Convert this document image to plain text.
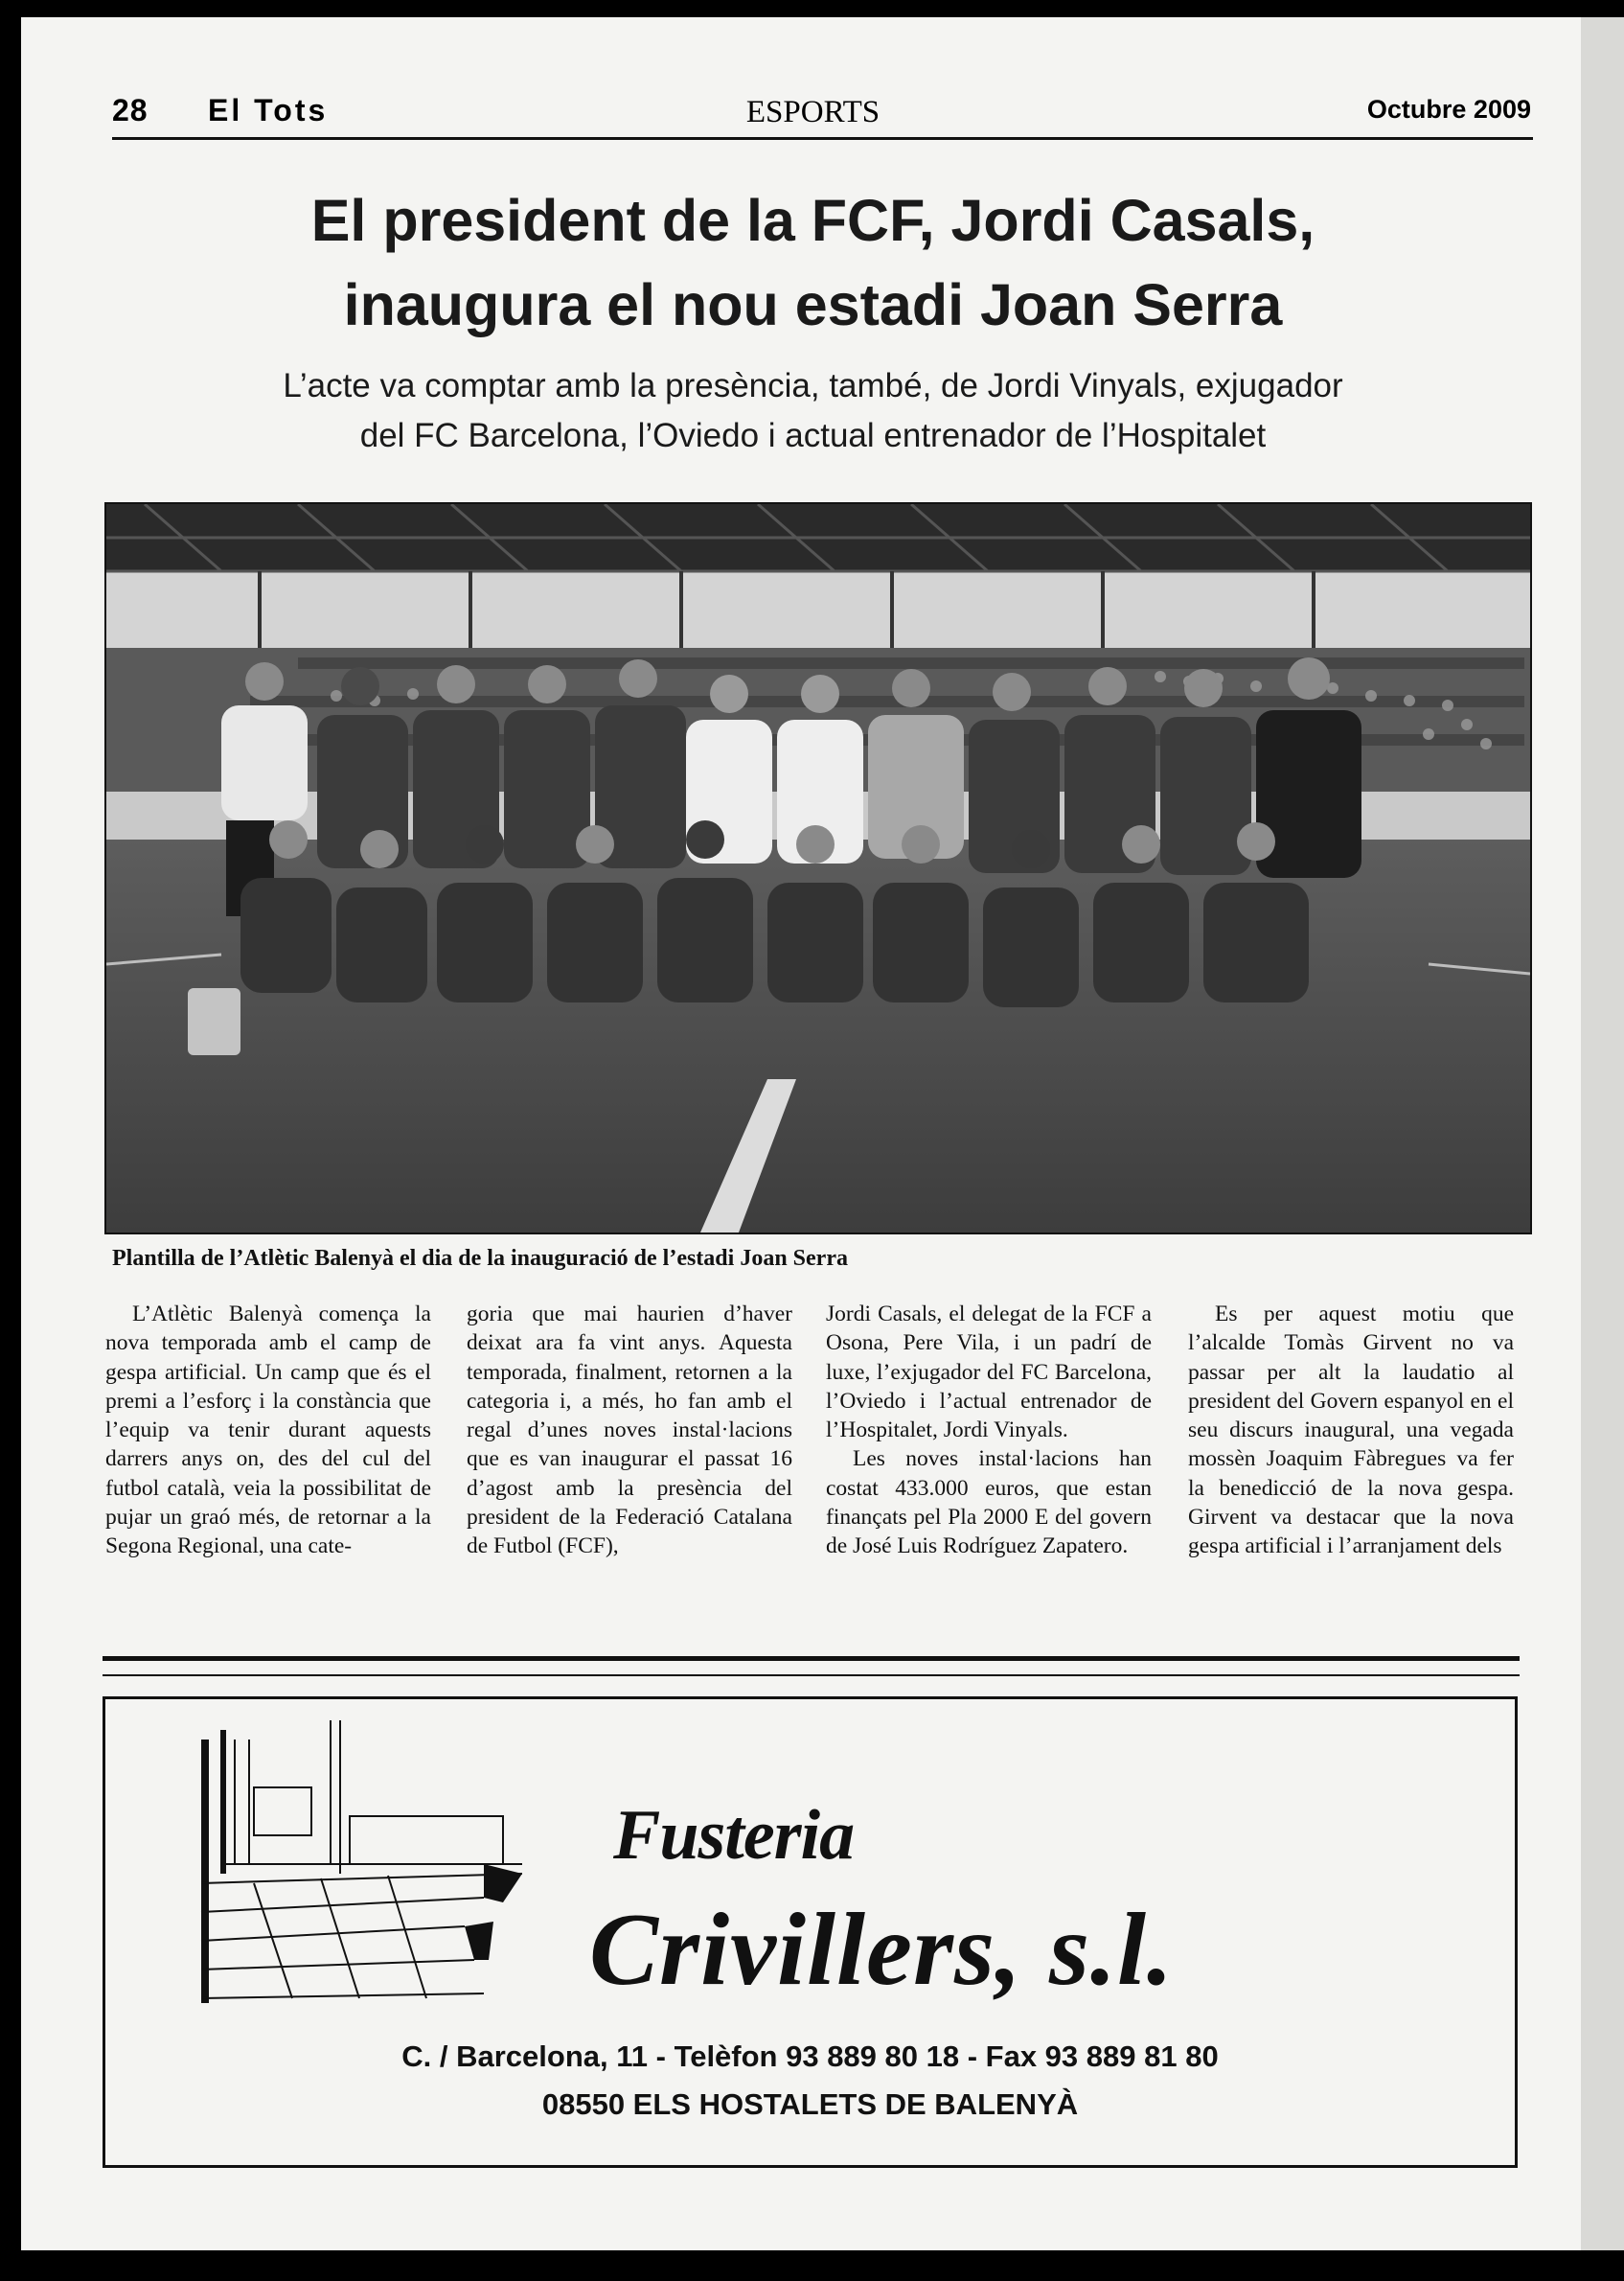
28 El Tots	ESPORTS	Octubre 2009
El president de la FCF, Jordi Casals,
inaugura el nou estadi Joan Serra

L’acte va comptar amb la presència, també, de Jordi Vinyals, exjugador
del FC Barcelona, l’Oviedo i actual entrenador de l’Hospitalet

Plantilla de l’Atlètic Balenyà el dia de la inauguració de l’estadi Joan Serra

L’Atlètic Balenyà comença la nova temporada amb el camp de gespa artificial. Un camp que és el premi a l’esforç i la constància que l’equip va tenir durant aquests darrers anys on, des del cul del futbol català, veia la possibilitat de pujar un graó més, de retornar a la Segona Regional, una cate-

goria que mai haurien d’haver deixat ara fa vint anys. Aquesta temporada, finalment, retornen a la categoria i, a més, ho fan amb el regal d’unes noves instal·lacions que es van inaugurar el passat 16 d’agost amb la presència del president de la Federació Catalana de Futbol (FCF),

Jordi Casals, el delegat de la FCF a Osona, Pere Vila, i un padrí de luxe, l’exjugador del FC Barcelona, l’Oviedo i l’actual entrenador de l’Hospitalet, Jordi Vinyals.

Les noves instal·lacions han costat 433.000 euros, que estan finançats pel Pla 2000 E del govern de José Luis Rodríguez Zapatero.

Es per aquest motiu que l’alcalde Tomàs Girvent no va passar per alt la laudatio al president del Govern espanyol en el seu discurs inaugural, una vegada mossèn Joaquim Fàbregues va fer la benedicció de la nova gespa. Girvent va destacar que la nova gespa artificial i l’arranjament dels

Fusteria
Crivillers, s.l.
C. / Barcelona, 11 - Telèfon 93 889 80 18 - Fax 93 889 81 80
08550 ELS HOSTALETS DE BALENYÀ
